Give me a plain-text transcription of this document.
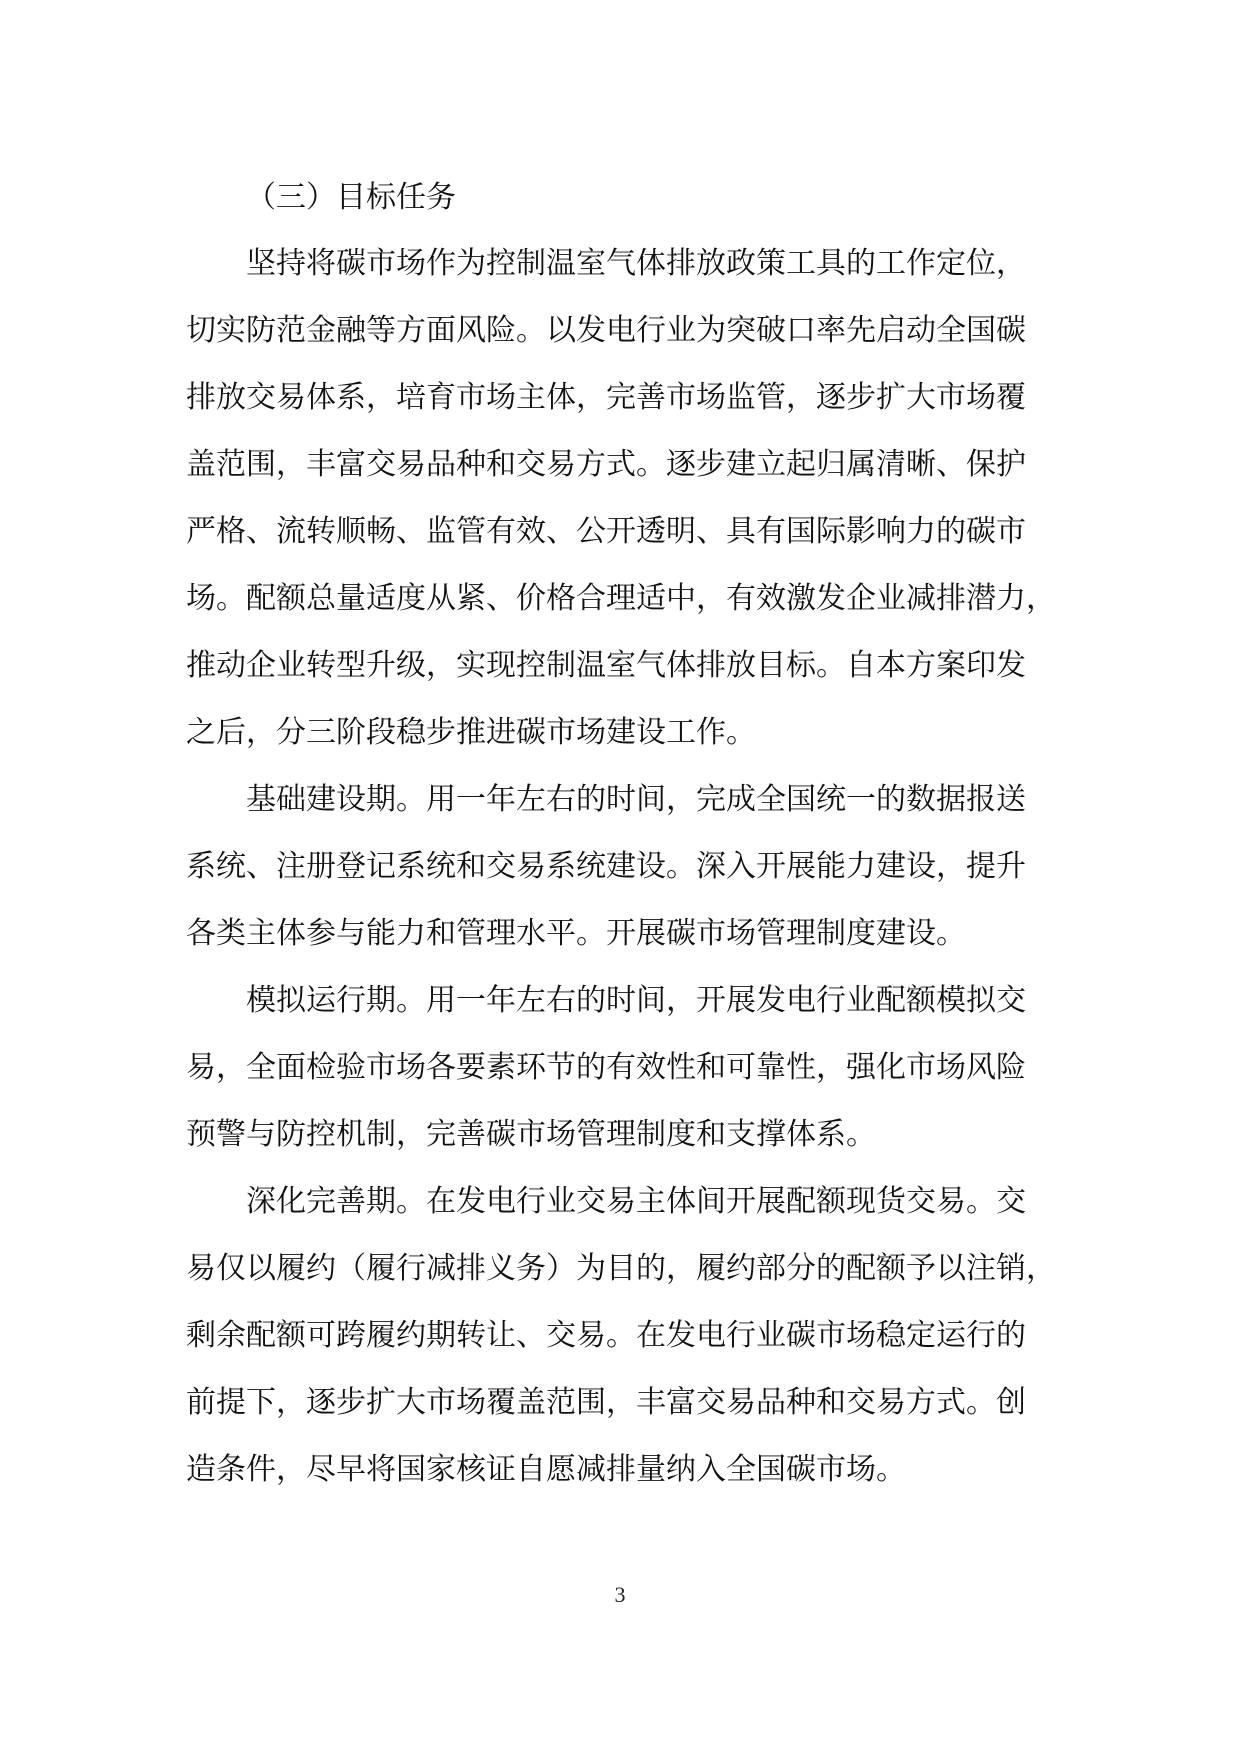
（三）目标任务

坚持将碳市场作为控制温室气体排放政策工具的工作定位，
切实防范金融等方面风险。以发电行业为突破口率先启动全国碳
排放交易体系，培育市场主体，完善市场监管，逐步扩大市场覆
盖范围，丰富交易品种和交易方式。逐步建立起归属清晰、保护
严格、流转顺畅、监管有效、公开透明、具有国际影响力的碳市
场。配额总量适度从紧、价格合理适中，有效激发企业减排潜力，
推动企业转型升级，实现控制温室气体排放目标。自本方案印发
之后，分三阶段稳步推进碳市场建设工作。

基础建设期。用一年左右的时间，完成全国统一的数据报送
系统、注册登记系统和交易系统建设。深入开展能力建设，提升
各类主体参与能力和管理水平。开展碳市场管理制度建设。

模拟运行期。用一年左右的时间，开展发电行业配额模拟交
易，全面检验市场各要素环节的有效性和可靠性，强化市场风险
预警与防控机制，完善碳市场管理制度和支撑体系。

深化完善期。在发电行业交易主体间开展配额现货交易。交
易仅以履约（履行减排义务）为目的，履约部分的配额予以注销，
剩余配额可跨履约期转让、交易。在发电行业碳市场稳定运行的
前提下，逐步扩大市场覆盖范围，丰富交易品种和交易方式。创
造条件，尽早将国家核证自愿减排量纳入全国碳市场。

3
